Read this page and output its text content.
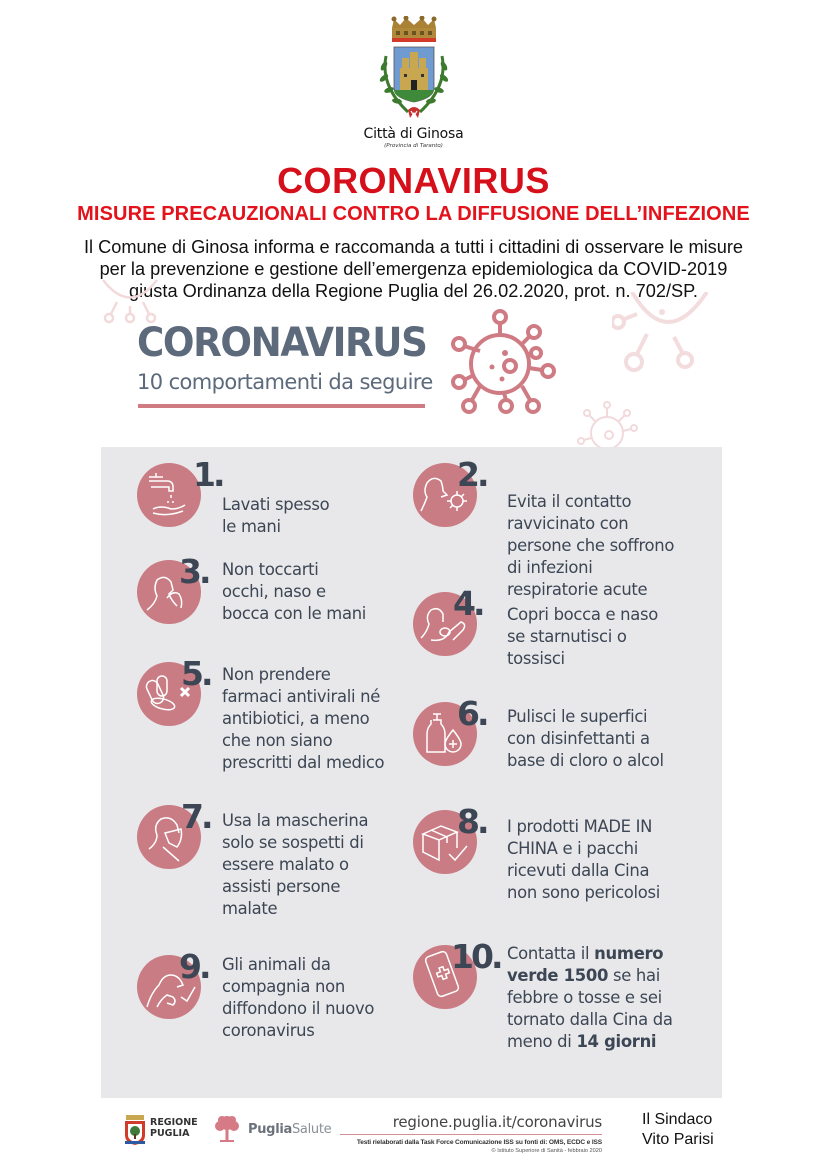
Città di Ginosa
(Provincia di Taranto)
CORONAVIRUS
MISURE PRECAUZIONALI CONTRO LA DIFFUSIONE DELL’INFEZIONE
Il Comune di Ginosa informa e raccomanda a tutti i cittadini di osservare le misure
per la prevenzione e gestione dell’emergenza epidemiologica da COVID-2019
giusta Ordinanza della Regione Puglia del 26.02.2020, prot. n. 702/SP.
CORONAVIRUS
10 comportamenti da seguire
1.
Lavati spesso
le mani
2.
Evita il contatto
ravvicinato con
persone che soffrono
di infezioni
respiratorie acute
3. Non toccarti
occhi, naso e
bocca con le mani	4. Copri bocca e naso
se starnutisci o
tossisci
5. Non prendere
farmaci antivirali né
antibiotici, a meno
che non siano
prescritti dal medico
6. Pulisci le superfici
con disinfettanti a
base di cloro o alcol
7. Usa la mascherina
solo se sospetti di
essere malato o
assisti persone
malate
8. I prodotti MADE IN
CHINA e i pacchi
ricevuti dalla Cina
non sono pericolosi
9. Gli animali da
compagnia non
diffondono il nuovo
coronavirus
10. Contatta il numero
verde 1500 se hai
febbre o tosse e sei
tornato dalla Cina da
meno di 14 giorni
REGIONE
PUGLIA	PugliaSalute	regione.puglia.it/coronavirus
Testi rielaborati dalla Task Force Comunicazione ISS su fonti di: OMS, ECDC e ISS
© Istituto Superiore di Sanità - febbraio 2020
Il Sindaco
Vito Parisi
